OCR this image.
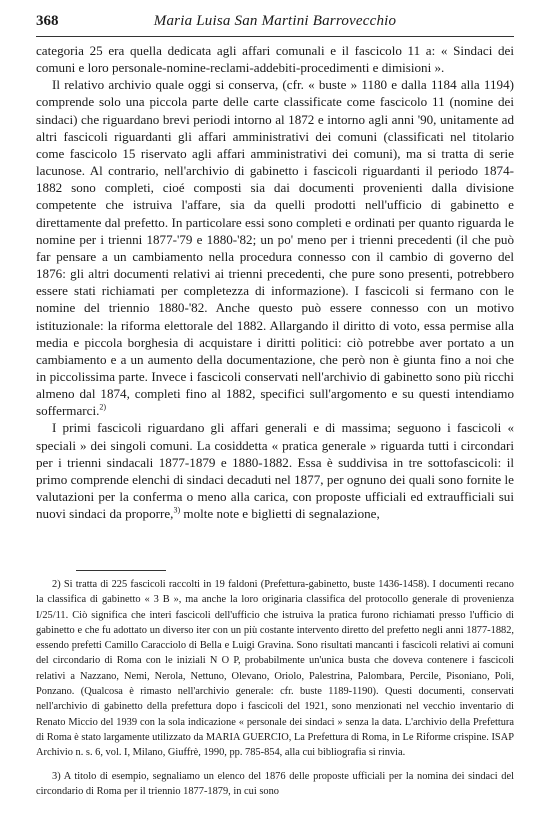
368	Maria Luisa San Martini Barrovecchio

categoria 25 era quella dedicata agli affari comunali e il fascicolo 11 a: « Sindaci dei comuni e loro personale-nomine-reclami-addebiti-procedimenti e dimisioni ».

Il relativo archivio quale oggi si conserva, (cfr. « buste » 1180 e dalla 1184 alla 1194) comprende solo una piccola parte delle carte classificate come fascicolo 11 (nomine dei sindaci) che riguardano brevi periodi intorno al 1872 e intorno agli anni '90, unitamente ad altri fascicoli riguardanti gli affari amministrativi dei comuni (classificati nel titolario come fascicolo 15 riservato agli affari amministrativi dei comuni), ma si tratta di serie lacunose. Al contrario, nell'archivio di gabinetto i fascicoli riguardanti il periodo 1874-1882 sono completi, cioé composti sia dai documenti provenienti dalla divisione competente che istruiva l'affare, sia da quelli prodotti nell'ufficio di gabinetto e direttamente dal prefetto. In particolare essi sono completi e ordinati per quanto riguarda le nomine per i trienni 1877-'79 e 1880-'82; un po' meno per i trienni precedenti (il che può far pensare a un cambiamento nella procedura connesso con il cambio di governo del 1876: gli altri documenti relativi ai trienni precedenti, che pure sono presenti, potrebbero essere stati richiamati per completezza di informazione). I fascicoli si fermano con le nomine del triennio 1880-'82. Anche questo può essere connesso con un motivo istituzionale: la riforma elettorale del 1882. Allargando il diritto di voto, essa permise alla media e piccola borghesia di acquistare i diritti politici: ciò potrebbe aver portato a un cambiamento e a un aumento della documentazione, che però non è giunta fino a noi che in piccolissima parte. Invece i fascicoli conservati nell'archivio di gabinetto sono più ricchi almeno dal 1874, completi fino al 1882, specifici sull'argomento e su questi intendiamo soffermarci.$^{2)}$

I primi fascicoli riguardano gli affari generali e di massima; seguono i fascicoli « speciali » dei singoli comuni. La cosiddetta « pratica generale » riguarda tutti i circondari per i trienni sindacali 1877-1879 e 1880-1882. Essa è suddivisa in tre sottofascicoli: il primo comprende elenchi di sindaci decaduti nel 1877, per ognuno dei quali sono fornite le valutazioni per la conferma o meno alla carica, con proposte ufficiali ed extraufficiali sui nuovi sindaci da proporre,$^{3)}$ molte note e biglietti di segnalazione,

2) Si tratta di 225 fascicoli raccolti in 19 faldoni (Prefettura-gabinetto, buste 1436-1458). I documenti recano la classifica di gabinetto « 3 B », ma anche la loro originaria classifica del protocollo generale di provenienza I/25/11. Ciò significa che interi fascicoli dell'ufficio che istruiva la pratica furono richiamati presso l'ufficio di gabinetto e che fu adottato un diverso iter con un più costante intervento diretto del prefetto negli anni 1877-1882, essendo prefetti Camillo Caracciolo di Bella e Luigi Gravina. Sono risultati mancanti i fascicoli relativi ai comuni del circondario di Roma con le iniziali N O P, probabilmente un'unica busta che doveva contenere i fascicoli relativi a Nazzano, Nemi, Nerola, Nettuno, Olevano, Oriolo, Palestrina, Palombara, Percile, Pisoniano, Poli, Ponzano. (Qualcosa è rimasto nell'archivio generale: cfr. buste 1189-1190). Questi documenti, conservati nell'archivio di gabinetto della prefettura dopo i fascicoli del 1921, sono menzionati nel vecchio inventario di Renato Miccio del 1939 con la sola indicazione « personale dei sindaci » senza la data. L'archivio della Prefettura di Roma è stato largamente utilizzato da MARIA GUERCIO, La Prefettura di Roma, in Le Riforme crispine. ISAP Archivio n. s. 6, vol. I, Milano, Giuffrè, 1990, pp. 785-854, alla cui bibliografia si rinvia.

3) A titolo di esempio, segnaliamo un elenco del 1876 delle proposte ufficiali per la nomina dei sindaci del circondario di Roma per il triennio 1877-1879, in cui sono
